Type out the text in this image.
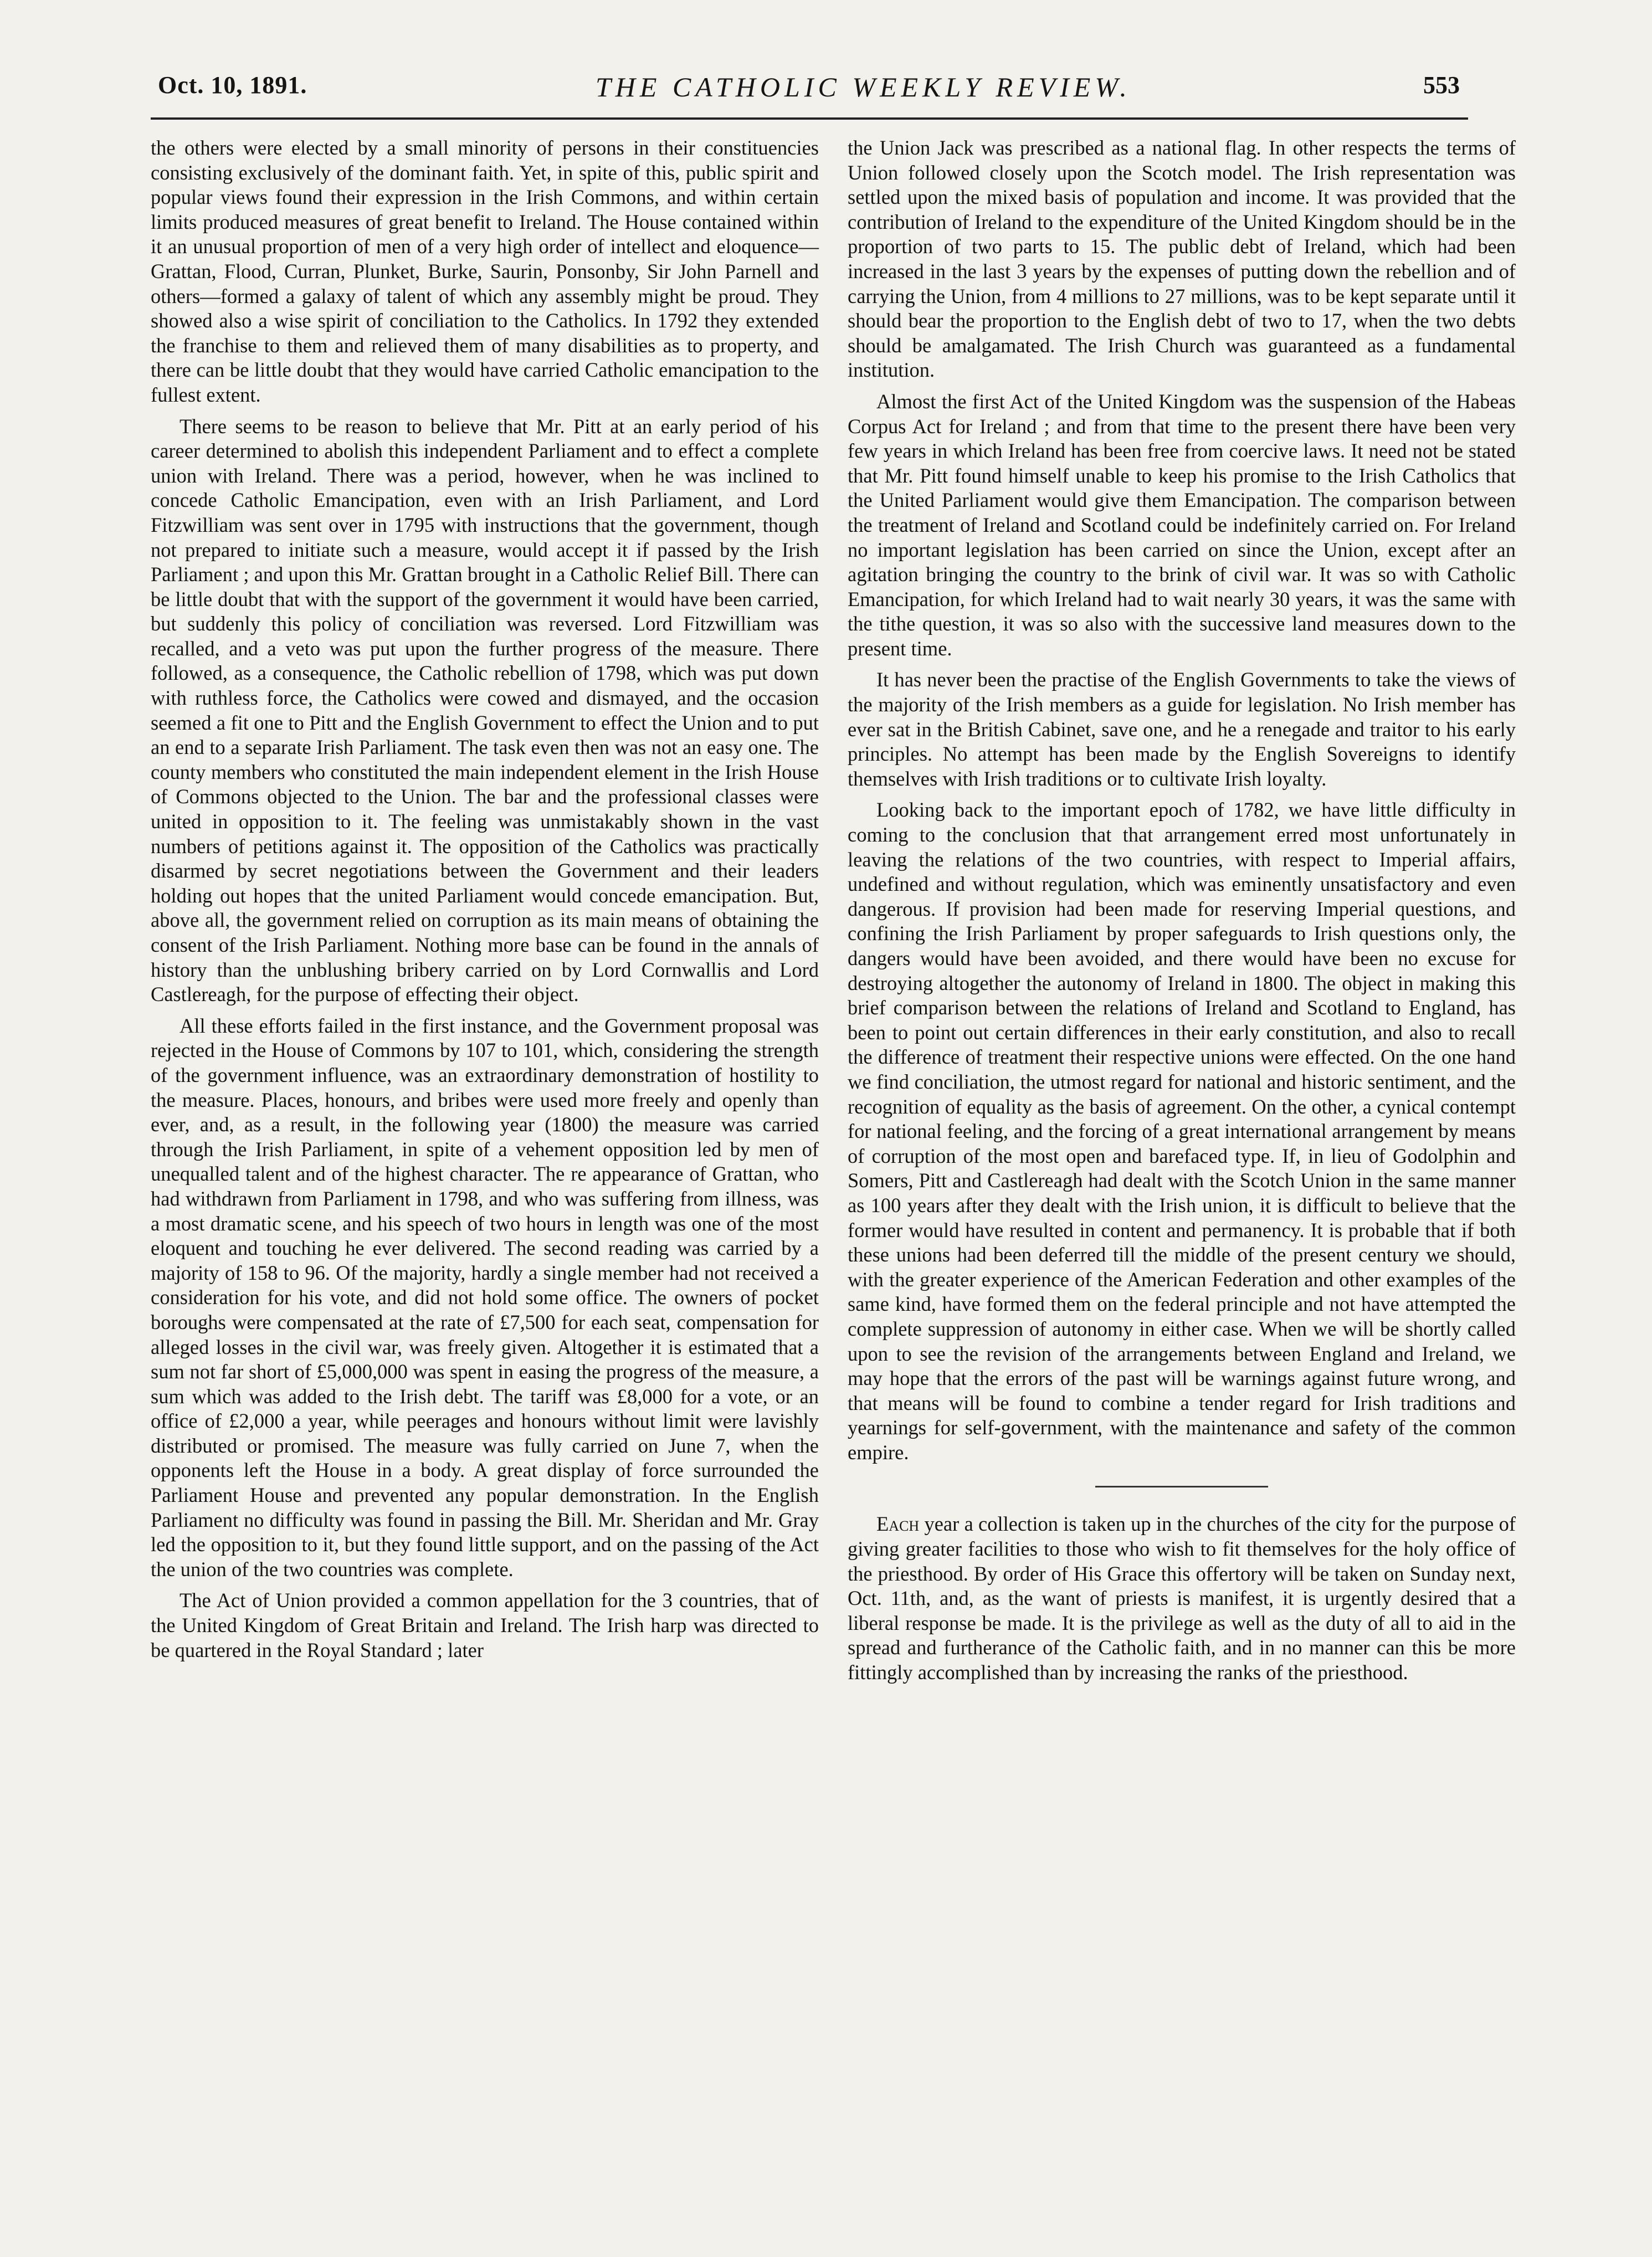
Oct. 10, 1891.	THE CATHOLIC WEEKLY REVIEW.	553

the others were elected by a small minority of persons in their constituencies consisting exclusively of the dominant faith. Yet, in spite of this, public spirit and popular views found their expression in the Irish Commons, and within certain limits produced measures of great benefit to Ireland. The House contained within it an unusual proportion of men of a very high order of intellect and eloquence—Grattan, Flood, Curran, Plunket, Burke, Saurin, Ponsonby, Sir John Parnell and others—formed a galaxy of talent of which any assembly might be proud. They showed also a wise spirit of conciliation to the Catholics. In 1792 they extended the franchise to them and relieved them of many disabilities as to property, and there can be little doubt that they would have carried Catholic emancipation to the fullest extent.

There seems to be reason to believe that Mr. Pitt at an early period of his career determined to abolish this independent Parliament and to effect a complete union with Ireland. There was a period, however, when he was inclined to concede Catholic Emancipation, even with an Irish Parliament, and Lord Fitzwilliam was sent over in 1795 with instructions that the government, though not prepared to initiate such a measure, would accept it if passed by the Irish Parliament ; and upon this Mr. Grattan brought in a Catholic Relief Bill. There can be little doubt that with the support of the government it would have been carried, but suddenly this policy of conciliation was reversed. Lord Fitzwilliam was recalled, and a veto was put upon the further progress of the measure. There followed, as a consequence, the Catholic rebellion of 1798, which was put down with ruthless force, the Catholics were cowed and dismayed, and the occasion seemed a fit one to Pitt and the English Government to effect the Union and to put an end to a separate Irish Parliament. The task even then was not an easy one. The county members who constituted the main independent element in the Irish House of Commons objected to the Union. The bar and the professional classes were united in opposition to it. The feeling was unmistakably shown in the vast numbers of petitions against it. The opposition of the Catholics was practically disarmed by secret negotiations between the Government and their leaders holding out hopes that the united Parliament would concede emancipation. But, above all, the government relied on corruption as its main means of obtaining the consent of the Irish Parliament. Nothing more base can be found in the annals of history than the unblushing bribery carried on by Lord Cornwallis and Lord Castlereagh, for the purpose of effecting their object.

All these efforts failed in the first instance, and the Government proposal was rejected in the House of Commons by 107 to 101, which, considering the strength of the government influence, was an extraordinary demonstration of hostility to the measure. Places, honours, and bribes were used more freely and openly than ever, and, as a result, in the following year (1800) the measure was carried through the Irish Parliament, in spite of a vehement opposition led by men of unequalled talent and of the highest character. The re appearance of Grattan, who had withdrawn from Parliament in 1798, and who was suffering from illness, was a most dramatic scene, and his speech of two hours in length was one of the most eloquent and touching he ever delivered. The second reading was carried by a majority of 158 to 96. Of the majority, hardly a single member had not received a consideration for his vote, and did not hold some office. The owners of pocket boroughs were compensated at the rate of £7,500 for each seat, compensation for alleged losses in the civil war, was freely given. Altogether it is estimated that a sum not far short of £5,000,000 was spent in easing the progress of the measure, a sum which was added to the Irish debt. The tariff was £8,000 for a vote, or an office of £2,000 a year, while peerages and honours without limit were lavishly distributed or promised. The measure was fully carried on June 7, when the opponents left the House in a body. A great display of force surrounded the Parliament House and prevented any popular demonstration. In the English Parliament no difficulty was found in passing the Bill. Mr. Sheridan and Mr. Gray led the opposition to it, but they found little support, and on the passing of the Act the union of the two countries was complete.

The Act of Union provided a common appellation for the 3 countries, that of the United Kingdom of Great Britain and Ireland. The Irish harp was directed to be quartered in the Royal Standard ; later

the Union Jack was prescribed as a national flag. In other respects the terms of Union followed closely upon the Scotch model. The Irish representation was settled upon the mixed basis of population and income. It was provided that the contribution of Ireland to the expenditure of the United Kingdom should be in the proportion of two parts to 15. The public debt of Ireland, which had been increased in the last 3 years by the expenses of putting down the rebellion and of carrying the Union, from 4 millions to 27 millions, was to be kept separate until it should bear the proportion to the English debt of two to 17, when the two debts should be amalgamated. The Irish Church was guaranteed as a fundamental institution.

Almost the first Act of the United Kingdom was the suspension of the Habeas Corpus Act for Ireland ; and from that time to the present there have been very few years in which Ireland has been free from coercive laws. It need not be stated that Mr. Pitt found himself unable to keep his promise to the Irish Catholics that the United Parliament would give them Emancipation. The comparison between the treatment of Ireland and Scotland could be indefinitely carried on. For Ireland no important legislation has been carried on since the Union, except after an agitation bringing the country to the brink of civil war. It was so with Catholic Emancipation, for which Ireland had to wait nearly 30 years, it was the same with the tithe question, it was so also with the successive land measures down to the present time.

It has never been the practise of the English Governments to take the views of the majority of the Irish members as a guide for legislation. No Irish member has ever sat in the British Cabinet, save one, and he a renegade and traitor to his early principles. No attempt has been made by the English Sovereigns to identify themselves with Irish traditions or to cultivate Irish loyalty.

Looking back to the important epoch of 1782, we have little difficulty in coming to the conclusion that that arrangement erred most unfortunately in leaving the relations of the two countries, with respect to Imperial affairs, undefined and without regulation, which was eminently unsatisfactory and even dangerous. If provision had been made for reserving Imperial questions, and confining the Irish Parliament by proper safeguards to Irish questions only, the dangers would have been avoided, and there would have been no excuse for destroying altogether the autonomy of Ireland in 1800. The object in making this brief comparison between the relations of Ireland and Scotland to England, has been to point out certain differences in their early constitution, and also to recall the difference of treatment their respective unions were effected. On the one hand we find conciliation, the utmost regard for national and historic sentiment, and the recognition of equality as the basis of agreement. On the other, a cynical contempt for national feeling, and the forcing of a great international arrangement by means of corruption of the most open and barefaced type. If, in lieu of Godolphin and Somers, Pitt and Castlereagh had dealt with the Scotch Union in the same manner as 100 years after they dealt with the Irish union, it is difficult to believe that the former would have resulted in content and permanency. It is probable that if both these unions had been deferred till the middle of the present century we should, with the greater experience of the American Federation and other examples of the same kind, have formed them on the federal principle and not have attempted the complete suppression of autonomy in either case. When we will be shortly called upon to see the revision of the arrangements between England and Ireland, we may hope that the errors of the past will be warnings against future wrong, and that means will be found to combine a tender regard for Irish traditions and yearnings for self-government, with the maintenance and safety of the common empire.

Each year a collection is taken up in the churches of the city for the purpose of giving greater facilities to those who wish to fit themselves for the holy office of the priesthood. By order of His Grace this offertory will be taken on Sunday next, Oct. 11th, and, as the want of priests is manifest, it is urgently desired that a liberal response be made. It is the privilege as well as the duty of all to aid in the spread and furtherance of the Catholic faith, and in no manner can this be more fittingly accomplished than by increasing the ranks of the priesthood.
